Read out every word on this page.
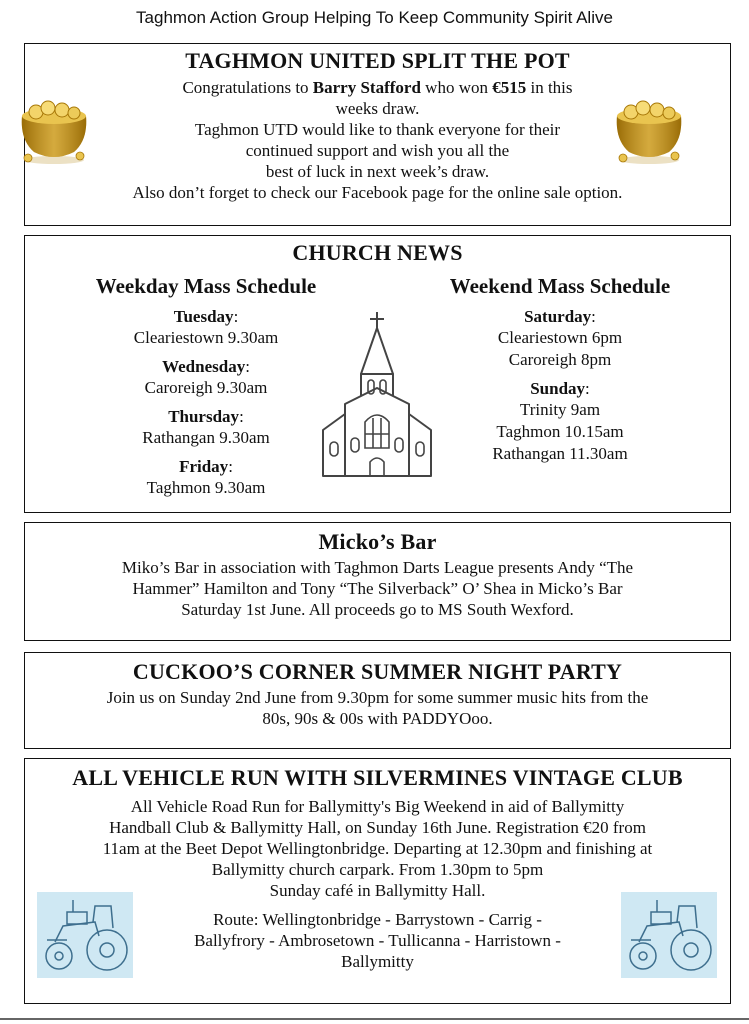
Taghmon Action Group Helping To Keep Community Spirit Alive
TAGHMON UNITED SPLIT THE POT
Congratulations to Barry Stafford who won €515 in this
weeks draw.
Taghmon UTD would like to thank everyone for their
continued support and wish you all the
best of luck in next week’s draw.
Also don’t forget to check our Facebook page for the online sale option.
CHURCH NEWS
Weekday Mass Schedule
Tuesday:
Cleariestown 9.30am
Wednesday:
Caroreigh 9.30am
Thursday:
Rathangan 9.30am
Friday:
Taghmon 9.30am
Weekend Mass Schedule
Saturday:
Cleariestown 6pm
Caroreigh 8pm
Sunday:
Trinity 9am
Taghmon 10.15am
Rathangan 11.30am
Micko’s Bar
Miko’s Bar in association with Taghmon Darts League presents Andy “The
Hammer” Hamilton and Tony “The Silverback” O’ Shea in Micko’s Bar
Saturday 1st June. All proceeds go to MS South Wexford.
CUCKOO’S CORNER SUMMER NIGHT PARTY
Join us on Sunday 2nd June from 9.30pm for some summer music hits from the
80s, 90s & 00s with PADDYOoo.
ALL VEHICLE RUN WITH SILVERMINES VINTAGE CLUB
All Vehicle Road Run for Ballymitty's Big Weekend in aid of Ballymitty
Handball Club & Ballymitty Hall, on Sunday 16th June. Registration €20 from
11am at the Beet Depot Wellingtonbridge. Departing at 12.30pm and finishing at
Ballymitty church carpark. From 1.30pm to 5pm
Sunday café in Ballymitty Hall.
Route: Wellingtonbridge - Barrystown - Carrig -
Ballyfrory - Ambrosetown - Tullicanna - Harristown -
Ballymitty
